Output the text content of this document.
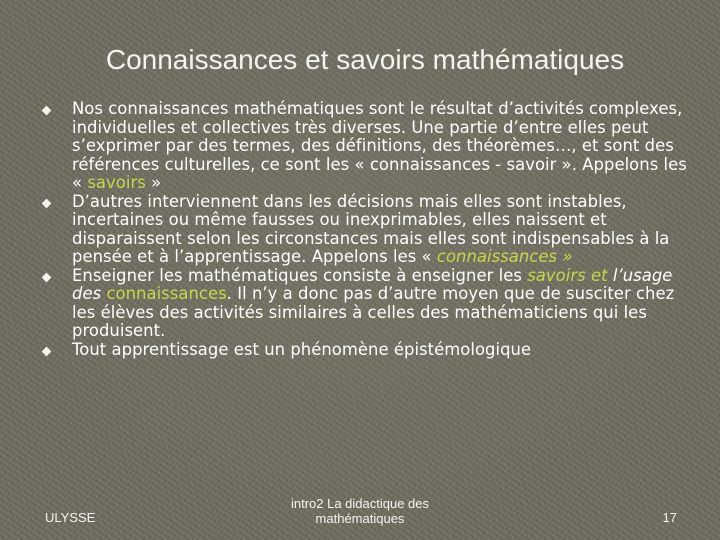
Connaissances et savoirs mathématiques
Nos connaissances mathématiques sont le résultat d’activités complexes, individuelles et collectives très diverses. Une partie d’entre elles peut s’exprimer par des termes, des définitions, des théorèmes…, et sont des références culturelles, ce sont les « connaissances - savoir ». Appelons les « savoirs »
D’autres interviennent dans les décisions mais elles sont instables, incertaines ou même fausses ou inexprimables, elles naissent et disparaissent selon les circonstances mais elles sont indispensables à la pensée et à l’apprentissage. Appelons les « connaissances »
Enseigner les mathématiques consiste à enseigner les savoirs et l’usage des connaissances. Il n’y a donc pas d’autre moyen que de susciter chez les élèves des activités similaires à celles des mathématiciens qui les produisent.
Tout apprentissage est un phénomène épistémologique
ULYSSE
intro2 La didactique des mathématiques	17
